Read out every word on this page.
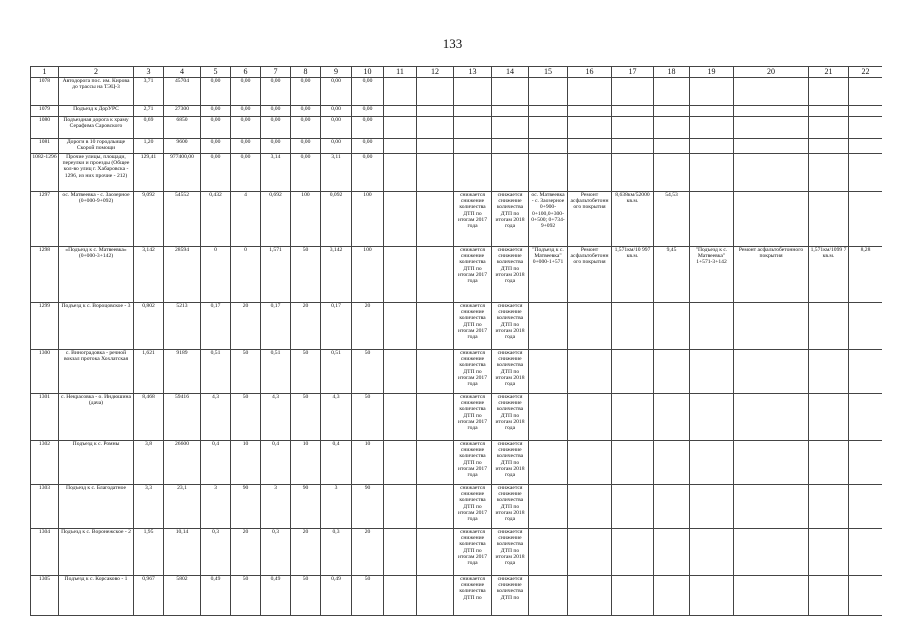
133
1	2	3	4	5	6	7	8	9	10	11	12	13	14	15	16	17	18	19	20	21	22
1078	Автодорога пос. им. Кирова до трассы на ТЭЦ-3	3,71	45704	0,00	0,00	0,00	0,00	0,00	0,00												
1079	Подъезд к ДорУРС	2,71	27300	0,00	0,00	0,00	0,00	0,00	0,00												
1080	Подъездная дорога к храму Серафима Саровского	0,69	6850	0,00	0,00	0,00	0,00	0,00	0,00												
1081	Дороги в 10 городльище Скорой помощи	1,20	9600	0,00	0,00	0,00	0,00	0,00	0,00												
1082-1296	Прочие улицы, площади, переулки и проезды (Общее кол-во улиц г. Хабаровска - 1296, из них прочие - 212)	129,41	977400,00	0,00	0,00	3,14	0,00	3,11	0,00												
1297	ос. Матвеевка - с. Заозерное (0+000-9+092)	9,092	54552	0,432	4	0,692	100	0,092	100			снижается снижение количества ДТП по итогам 2017 года	снижается снижение количества ДТП по итогам 2018 года	ос. Матвеевка - с. Заозерное 0+900-0+100,0+300-0+500; 0+734-9+092	Ремонт асфальтобетонн ого покрытия	8,638км/52000 кв.м.	54,53				
1298	«Подъезд к с. Матвеевка» (0+000-3+142)	3,142	28594	0	0	1,571	50	3,142	100			снижается снижение количества ДТП по итогам 2017 года	снижается снижение количества ДТП по итогам 2018 года	"Подъезд к с. Матвеевка" 0+000-1+571	Ремонт асфальтобетонн ого покрытия	1,571км/10 997 кв.м.	9,45	"Подъезд к с. Матвеевка" 1+571-3+142	Ремонт асфальтобетонного покрытия	1,571км/1099 7 кв.м.	8,28
1299	Подъезд к с. Вороцовское - 3	0,802	5213	0,17	20	0,17	20	0,17	20			снижается снижение количества ДТП по итогам 2017 года	снижается снижение количества ДТП по итогам 2018 года								
1300	с. Виноградовка - речной вокзал протока Хохлатская	1,621	9189	0,51	50	0,51	50	0,51	50			снижается снижение количества ДТП по итогам 2017 года	снижается снижение количества ДТП по итогам 2018 года								
1301	с. Некрасовка - о. Индюшина (дача)	8,468	59416	4,3	50	4,3	50	4,3	50			снижается снижение количества ДТП по итогам 2017 года	снижается снижение количества ДТП по итогам 2018 года								
1302	Подъезд к с. Ромны	3,8	26600	0,4	10	0,4	10	0,4	10			снижается снижение количества ДТП по итогам 2017 года	снижается снижение количества ДТП по итогам 2018 года								
1303	Подъезд к с. Благодатное	3,3	23,1	3	90	3	90	3	90			снижается снижение количества ДТП по итогам 2017 года	снижается снижение количества ДТП по итогам 2018 года								
1304	Подъезд к с. Воронежское - 2	1,95	10,14	0,3	20	0,3	20	0,3	20			снижается снижение количества ДТП по итогам 2017 года	снижается снижение количества ДТП по итогам 2018 года								
1305	Подъезд к с. Корсаково - 1	0,967	5802	0,49	50	0,49	50	0,49	50			снижается снижение количества ДТП по	снижается снижение количества ДТП по								
